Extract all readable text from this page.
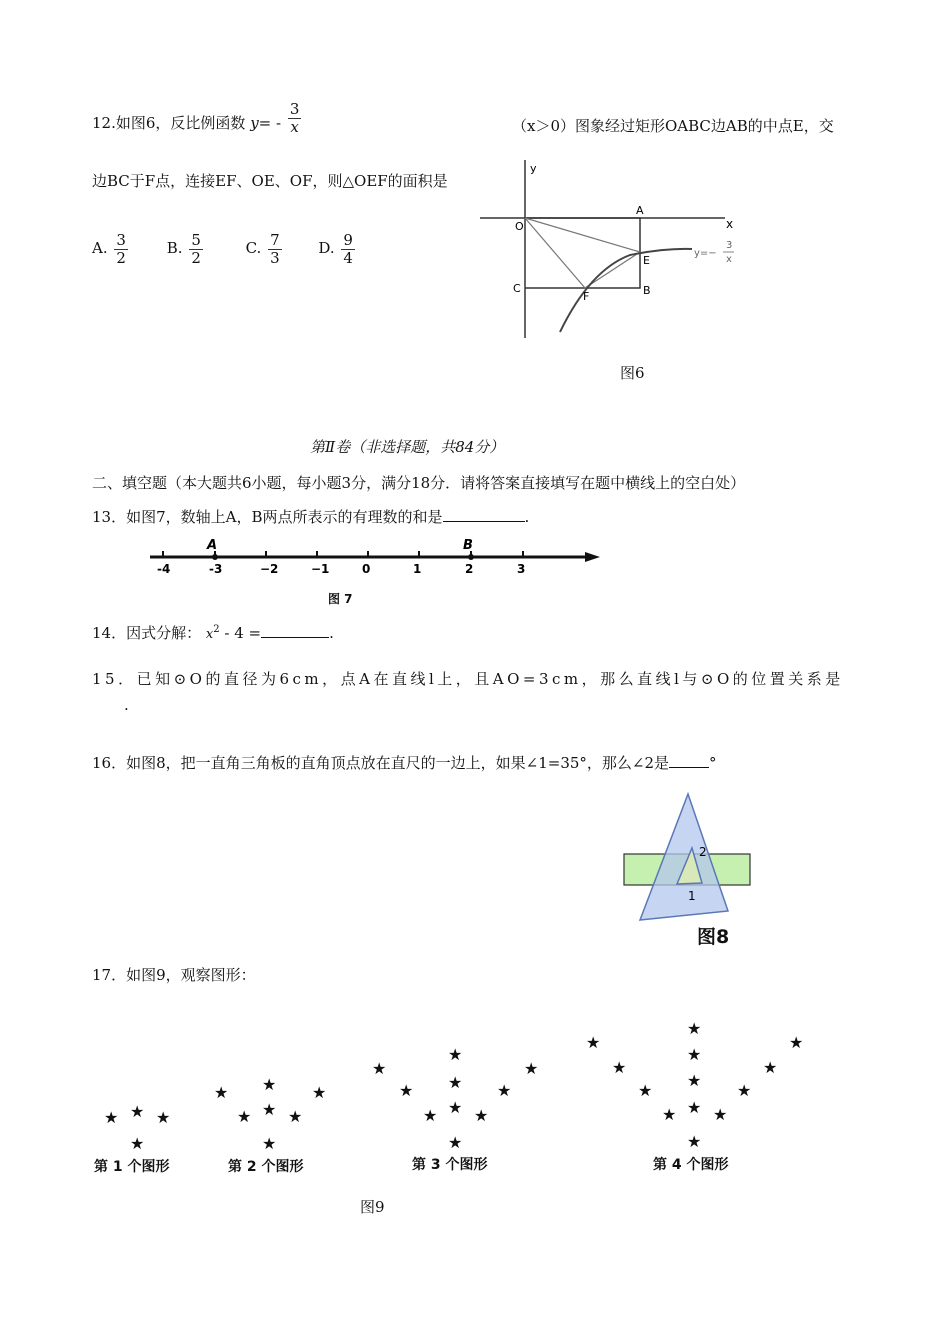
12.如图6，反比例函数 $y= - \frac{3}{x}$	（x＞0）图象经过矩形OABC边AB的中点E，交
边BC于F点，连接EF、OE、OF，则△OEF的面积是
A. $\frac{3}{2}$	B. $\frac{5}{2}$	C. $\frac{7}{3} D$. $\frac{9}{4}$
y
x
O
A
C	B
E
F
y=−
3
x
图6
第Ⅱ卷（非选择题，共84分）
二、填空题（本大题共6小题，每小题3分，满分18分．请将答案直接填写在题中横线上的空白处）
13．如图7，数轴上A，B两点所表示的有理数的和是	.
-4	-3	−2	−1	0	1	2	3
A	B
图 7
14．因式分解： $x^2 - 4$ =	.
15．已知⊙O的直径为6cm，点A在直线l上，且AO=3cm，那么直线l与⊙O的位置关系是
.
16．如图8，把一直角三角板的直角顶点放在直尺的一边上，如果∠1=35°，那么∠2是	°
2
1
图8
17．如图9，观察图形：
★ ★ ★
★
★ ★ ★
★ ★ ★
★
★
★
★
★ ★ ★
★ ★ ★
★
★
★
★
★
★
★
★
★
★
★ ★ ★
★
第 1 个图形	第 2 个图形	第 3 个图形	第 4 个图形
图9
